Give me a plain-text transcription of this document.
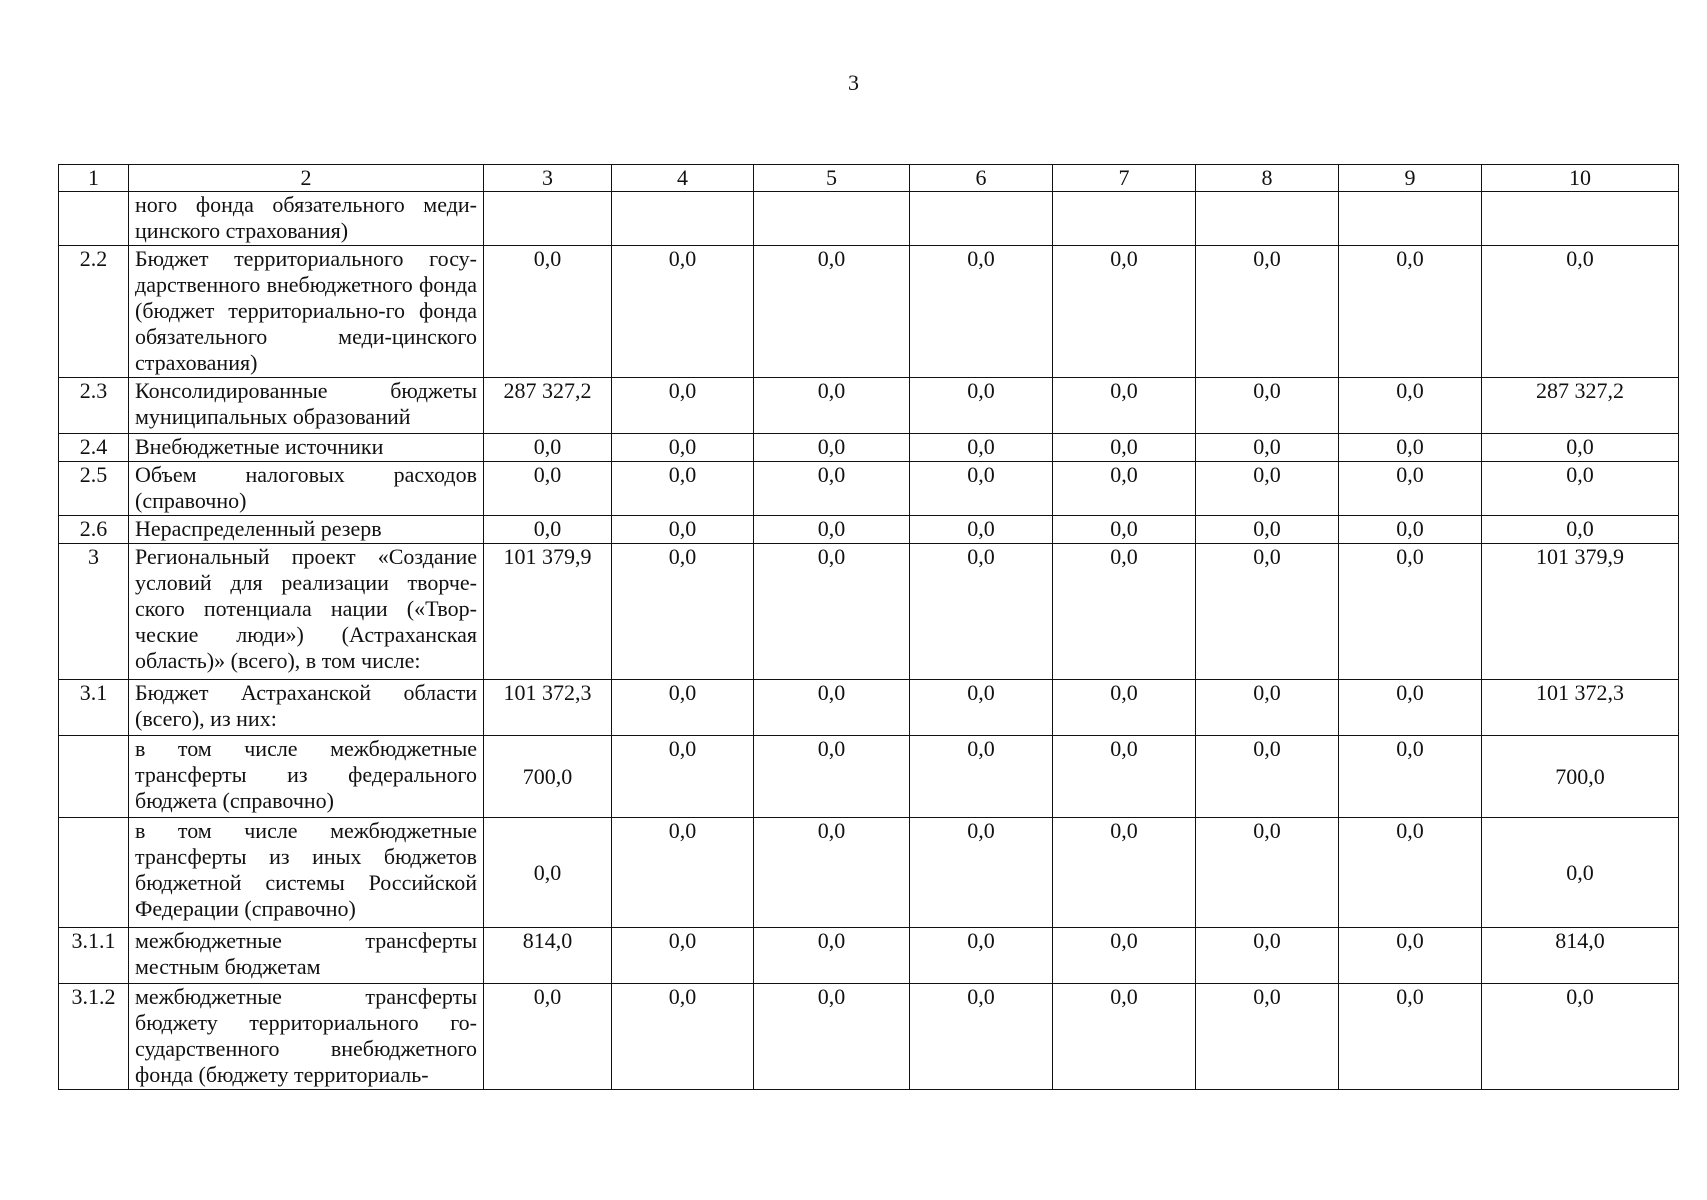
3
1	2	3	4	5	6	7	8	9	10
	ного фонда обязательного меди-цинского страхования)								
2.2	Бюджет территориального госу-дарственного внебюджетного фонда (бюджет территориально-го фонда обязательного меди-цинского страхования)	0,0	0,0	0,0	0,0	0,0	0,0	0,0	0,0
2.3	Консолидированные бюджеты муниципальных образований	287 327,2	0,0	0,0	0,0	0,0	0,0	0,0	287 327,2
2.4	Внебюджетные источники	0,0	0,0	0,0	0,0	0,0	0,0	0,0	0,0
2.5	Объем налоговых расходов (справочно)	0,0	0,0	0,0	0,0	0,0	0,0	0,0	0,0
2.6	Нераспределенный резерв	0,0	0,0	0,0	0,0	0,0	0,0	0,0	0,0
3	Региональный проект «Создание условий для реализации творче-ского потенциала нации («Твор-ческие люди») (Астраханская область)» (всего), в том числе:	101 379,9	0,0	0,0	0,0	0,0	0,0	0,0	101 379,9
3.1	Бюджет Астраханской области (всего), из них:	101 372,3	0,0	0,0	0,0	0,0	0,0	0,0	101 372,3
	в том числе межбюджетные трансферты из федерального бюджета (справочно)	700,0	0,0	0,0	0,0	0,0	0,0	0,0	700,0
	в том числе межбюджетные трансферты из иных бюджетов бюджетной системы Российской Федерации (справочно)	0,0	0,0	0,0	0,0	0,0	0,0	0,0	0,0
3.1.1	межбюджетные трансферты местным бюджетам	814,0	0,0	0,0	0,0	0,0	0,0	0,0	814,0
3.1.2	межбюджетные трансферты бюджету территориального го-сударственного внебюджетного фонда (бюджету территориаль-	0,0	0,0	0,0	0,0	0,0	0,0	0,0	0,0
